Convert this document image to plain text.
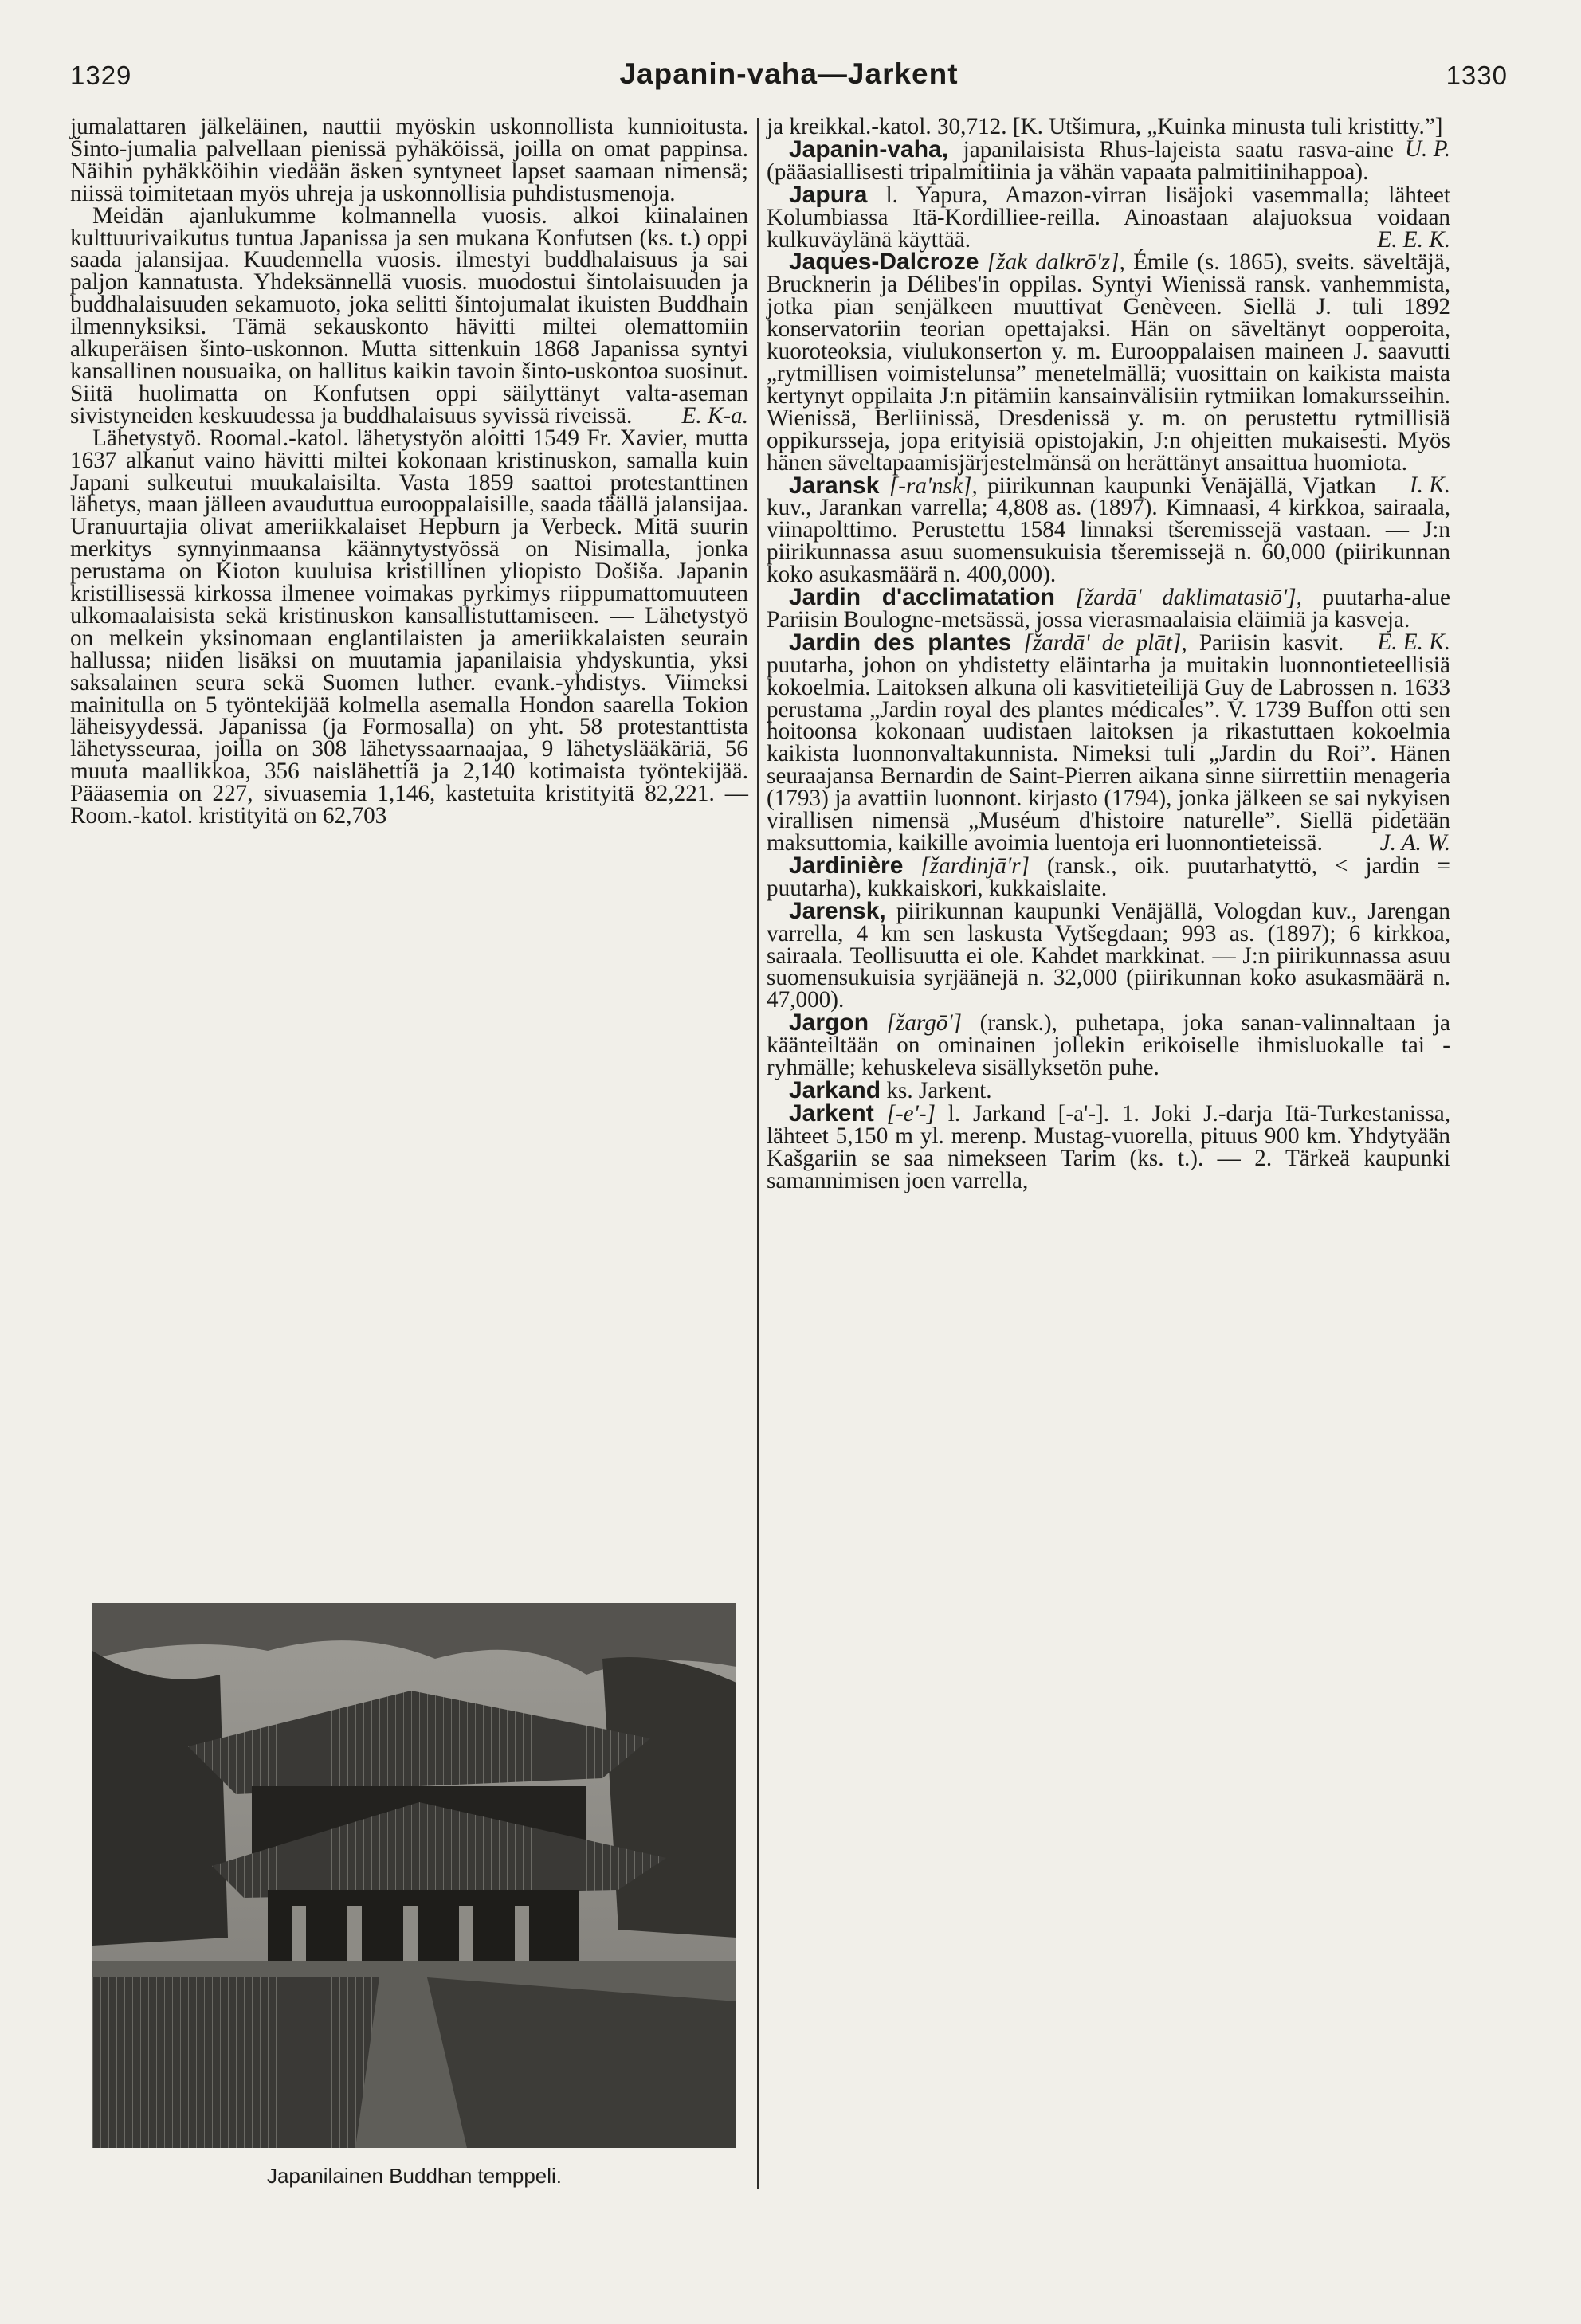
1329	Japanin-vaha—Jarkent	1330

jumalattaren jälkeläinen, nauttii myöskin uskonnollista kunnioitusta. Šinto-jumalia palvellaan pienissä pyhäköissä, joilla on omat pappinsa. Näihin pyhäkköihin viedään äsken syntyneet lapset saamaan nimensä; niissä toimitetaan myös uhreja ja uskonnollisia puhdistusmenoja.

Meidän ajanlukumme kolmannella vuosis. alkoi kiinalainen kulttuurivaikutus tuntua Japanissa ja sen mukana Konfutsen (ks. t.) oppi saada jalansijaa. Kuudennella vuosis. ilmestyi buddhalaisuus ja sai paljon kannatusta. Yhdeksännellä vuosis. muodostui šintolaisuuden ja buddhalaisuuden sekamuoto, joka selitti šintojumalat ikuisten Buddhain ilmennyksiksi. Tämä sekauskonto hävitti miltei olemattomiin alkuperäisen šinto-uskonnon. Mutta sittenkuin 1868 Japanissa syntyi kansallinen nousuaika, on hallitus kaikin tavoin šinto-uskontoa suosinut. Siitä huolimatta on Konfutsen oppi säilyttänyt valta-aseman sivistyneiden keskuudessa ja buddhalaisuus syvissä riveissä.	E. K-a.

Lähetystyö. Roomal.-katol. lähetystyön aloitti 1549 Fr. Xavier, mutta 1637 alkanut vaino hävitti miltei kokonaan kristinuskon, samalla kuin Japani sulkeutui muukalaisilta. Vasta 1859 saattoi protestanttinen lähetys, maan jälleen avauduttua eurooppalaisille, saada täällä jalansijaa. Uranuurtajia olivat ameriikkalaiset Hepburn ja Verbeck. Mitä suurin merkitys synnyinmaansa käännytystyössä on Nisimalla, jonka perustama on Kioton kuuluisa kristillinen yliopisto Došiša. Japanin kristillisessä kirkossa ilmenee voimakas pyrkimys riippumattomuuteen ulkomaalaisista sekä kristinuskon kansallistuttamiseen. — Lähetystyö on melkein yksinomaan englantilaisten ja ameriikkalaisten seurain hallussa; niiden lisäksi on muutamia japanilaisia yhdyskuntia, yksi saksalainen seura sekä Suomen luther. evank.-yhdistys. Viimeksi mainitulla on 5 työntekijää kolmella asemalla Hondon saarella Tokion läheisyydessä. Japanissa (ja Formosalla) on yht. 58 protestanttista lähetysseuraa, joilla on 308 lähetyssaarnaajaa, 9 lähetyslääkäriä, 56 muuta maallikkoa, 356 naislähettiä ja 2,140 kotimaista työntekijää. Pääasemia on 227, sivuasemia 1,146, kastetuita kristityitä 82,221. — Room.-katol. kristityitä on 62,703

Japanilainen Buddhan temppeli.

ja kreikkal.-katol. 30,712. [K. Utšimura, „Kuinka minusta tuli kristitty.”]
U. P.

Japanin-vaha, japanilaisista Rhus-lajeista saatu rasva-aine (pääasiallisesti tripalmitiinia ja vähän vapaata palmitiinihappoa).

Japura l. Yapura, Amazon-virran lisäjoki vasemmalla; lähteet Kolumbiassa Itä-Kordilliee-reilla. Ainoastaan alajuoksua voidaan kulkuväylänä käyttää.	E. E. K.

Jaques-Dalcroze [žak dalkrō'z], Émile (s. 1865), sveits. säveltäjä, Brucknerin ja Délibes'in oppilas. Syntyi Wienissä ransk. vanhemmista, jotka pian senjälkeen muuttivat Genèveen. Siellä J. tuli 1892 konservatoriin teorian opettajaksi. Hän on säveltänyt oopperoita, kuoroteoksia, viulukonserton y. m. Eurooppalaisen maineen J. saavutti „rytmillisen voimistelunsa” menetelmällä; vuosittain on kaikista maista kertynyt oppilaita J:n pitämiin kansainvälisiin rytmiikan lomakursseihin. Wienissä, Berliinissä, Dresdenissä y. m. on perustettu rytmillisiä oppikursseja, jopa erityisiä opistojakin, J:n ohjeitten mukaisesti. Myös hänen säveltapaamisjärjestelmänsä on herättänyt ansaittua huomiota.
I. K.

Jaransk [-ra'nsk], piirikunnan kaupunki Venäjällä, Vjatkan kuv., Jarankan varrella; 4,808 as. (1897). Kimnaasi, 4 kirkkoa, sairaala, viinapolttimo. Perustettu 1584 linnaksi tšeremissejä vastaan. — J:n piirikunnassa asuu suomensukuisia tšeremissejä n. 60,000 (piirikunnan koko asukasmäärä n. 400,000).

Jardin d'acclimatation [žardā' daklimatasiō'], puutarha-alue Pariisin Boulogne-metsässä, jossa vierasmaalaisia eläimiä ja kasveja.
E. E. K.

Jardin des plantes [žardā' de plāt], Pariisin kasvit. puutarha, johon on yhdistetty eläintarha ja muitakin luonnontieteellisiä kokoelmia. Laitoksen alkuna oli kasvitieteilijä Guy de Labrossen n. 1633 perustama „Jardin royal des plantes médicales”. V. 1739 Buffon otti sen hoitoonsa kokonaan uudistaen laitoksen ja rikastuttaen kokoelmia kaikista luonnonvaltakunnista. Nimeksi tuli „Jardin du Roi”. Hänen seuraajansa Bernardin de Saint-Pierren aikana sinne siirrettiin menageria (1793) ja avattiin luonnont. kirjasto (1794), jonka jälkeen se sai nykyisen virallisen nimensä „Muséum d'histoire naturelle”. Siellä pidetään maksuttomia, kaikille avoimia luentoja eri luonnontieteissä.	J. A. W.

Jardinière [žardinjā'r] (ransk., oik. puutarhatyttö, < jardin = puutarha), kukkaiskori, kukkaislaite.

Jarensk, piirikunnan kaupunki Venäjällä, Vologdan kuv., Jarengan varrella, 4 km sen laskusta Vytšegdaan; 993 as. (1897); 6 kirkkoa, sairaala. Teollisuutta ei ole. Kahdet markkinat. — J:n piirikunnassa asuu suomensukuisia syrjäänejä n. 32,000 (piirikunnan koko asukasmäärä n. 47,000).

Jargon [žargō'] (ransk.), puhetapa, joka sanan-valinnaltaan ja käänteiltään on ominainen jollekin erikoiselle ihmisluokalle tai -ryhmälle; kehuskeleva sisällyksetön puhe.

Jarkand ks. Jarkent.

Jarkent [-e'-] l. Jarkand [-a'-]. 1. Joki J.-darja Itä-Turkestanissa, lähteet 5,150 m yl. merenp. Mustag-vuorella, pituus 900 km. Yhdytyään Kašgariin se saa nimekseen Tarim (ks. t.). — 2. Tärkeä kaupunki samannimisen joen varrella,
